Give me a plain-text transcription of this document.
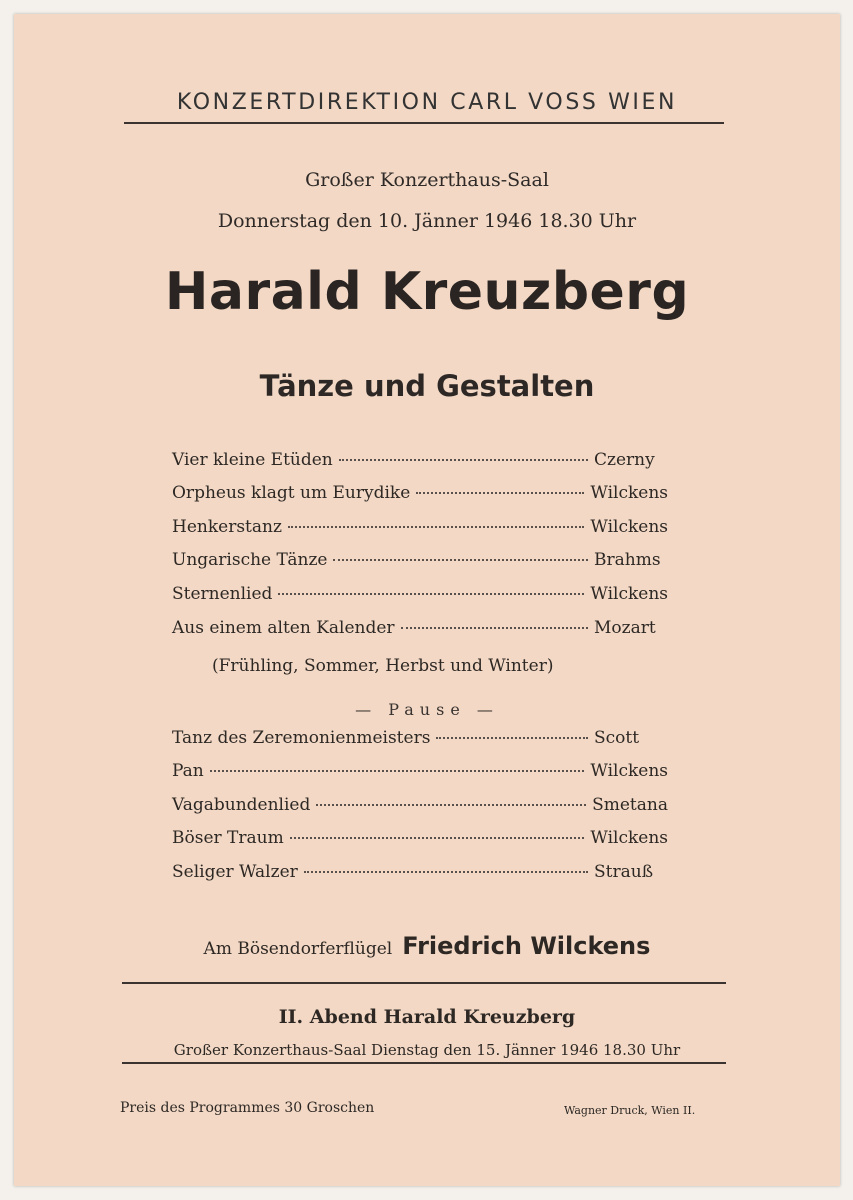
KONZERTDIREKTION CARL VOSS WIEN
Großer Konzerthaus-Saal
Donnerstag den 10. Jänner 1946 18.30 Uhr
Harald Kreuzberg
Tänze und Gestalten
Vier kleine Etüden	Czerny
Orpheus klagt um Eurydike	Wilckens
Henkerstanz	Wilckens
Ungarische Tänze	Brahms
Sternenlied	Wilckens
Aus einem alten Kalender	Mozart
(Frühling, Sommer, Herbst und Winter)
— Pause —
Tanz des Zeremonienmeisters	Scott
Pan	Wilckens
Vagabundenlied	Smetana
Böser Traum	Wilckens
Seliger Walzer	Strauß
Am Bösendorferflügel Friedrich Wilckens
II. Abend Harald Kreuzberg
Großer Konzerthaus-Saal Dienstag den 15. Jänner 1946 18.30 Uhr
Preis des Programmes 30 Groschen	Wagner Druck, Wien II.
